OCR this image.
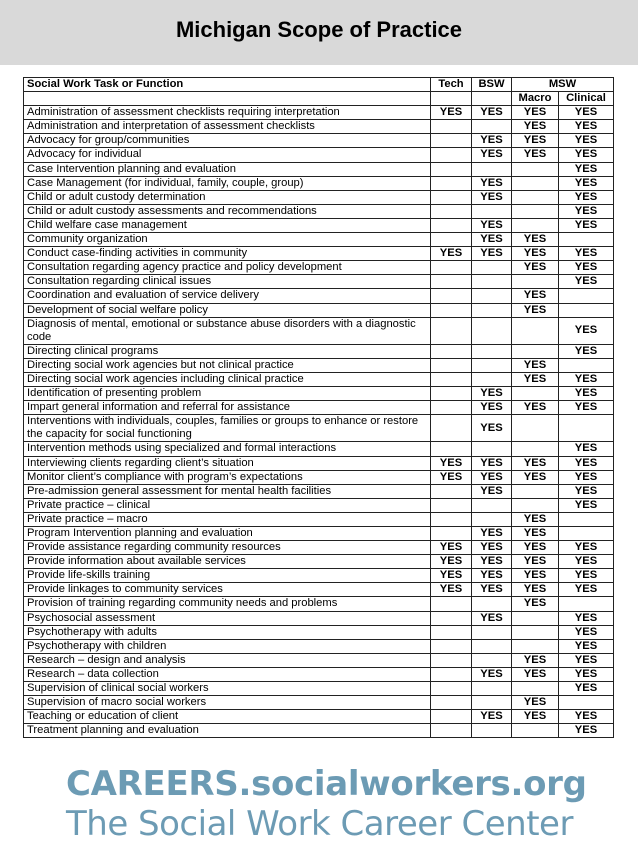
Michigan Scope of Practice
Social Work Task or Function	Tech	BSW	MSW	
			Macro	Clinical
Administration of assessment checklists requiring interpretation	YES	YES	YES	YES
Administration and interpretation of assessment checklists			YES	YES
Advocacy for group/communities		YES	YES	YES
Advocacy for individual		YES	YES	YES
Case Intervention planning and evaluation				YES
Case Management (for individual, family, couple, group)		YES		YES
Child or adult custody determination		YES		YES
Child or adult custody assessments and recommendations				YES
Child welfare case management		YES		YES
Community organization		YES	YES	
Conduct case-finding activities in community	YES	YES	YES	YES
Consultation regarding agency practice and policy development			YES	YES
Consultation regarding clinical issues				YES
Coordination and evaluation of service delivery			YES	
Development of social welfare policy			YES	
Diagnosis of mental, emotional or substance abuse disorders with a diagnostic code				YES
Directing clinical programs				YES
Directing social work agencies but not clinical practice			YES	
Directing social work agencies including clinical practice			YES	YES
Identification of presenting problem		YES		YES
Impart general information and referral for assistance		YES	YES	YES
Interventions with individuals, couples, families or groups to enhance or restore the capacity for social functioning		YES		
Intervention methods using specialized and formal interactions				YES
Interviewing clients regarding client’s situation	YES	YES	YES	YES
Monitor client’s compliance with program’s expectations	YES	YES	YES	YES
Pre-admission general assessment for mental health facilities		YES		YES
Private practice – clinical				YES
Private practice – macro			YES	
Program Intervention planning and evaluation		YES	YES	
Provide assistance regarding community resources	YES	YES	YES	YES
Provide information about available services	YES	YES	YES	YES
Provide life-skills training	YES	YES	YES	YES
Provide linkages to community services	YES	YES	YES	YES
Provision of training regarding community needs and problems			YES	
Psychosocial assessment		YES		YES
Psychotherapy with adults				YES
Psychotherapy with children				YES
Research – design and analysis			YES	YES
Research – data collection		YES	YES	YES
Supervision of clinical social workers				YES
Supervision of macro social workers			YES	
Teaching or education of client		YES	YES	YES
Treatment planning and evaluation				YES
CAREERS.socialworkers.org
The Social Work Career Center
